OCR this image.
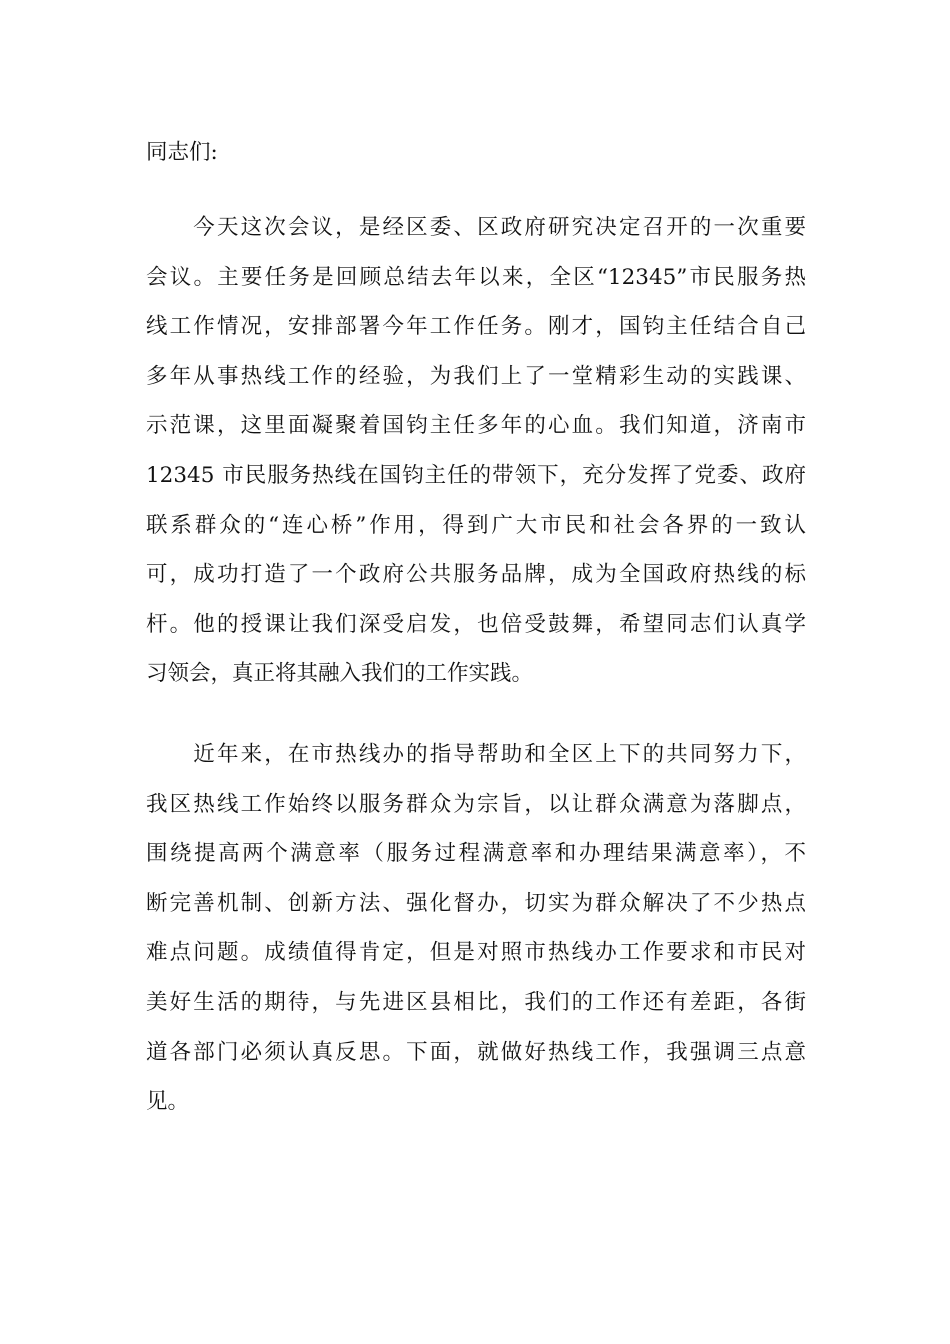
同志们:
　　今天这次会议，是经区委、区政府研究决定召开的一次重要
会议。主要任务是回顾总结去年以来，全区“12345”市民服务热
线工作情况，安排部署今年工作任务。刚才，国钧主任结合自己
多年从事热线工作的经验，为我们上了一堂精彩生动的实践课、
示范课，这里面凝聚着国钧主任多年的心血。我们知道，济南市
12345 市民服务热线在国钧主任的带领下，充分发挥了党委、政府
联系群众的“连心桥”作用，得到广大市民和社会各界的一致认
可，成功打造了一个政府公共服务品牌，成为全国政府热线的标
杆。他的授课让我们深受启发，也倍受鼓舞，希望同志们认真学
习领会，真正将其融入我们的工作实践。
　　近年来，在市热线办的指导帮助和全区上下的共同努力下，
我区热线工作始终以服务群众为宗旨，以让群众满意为落脚点，
围绕提高两个满意率（服务过程满意率和办理结果满意率），不
断完善机制、创新方法、强化督办，切实为群众解决了不少热点
难点问题。成绩值得肯定，但是对照市热线办工作要求和市民对
美好生活的期待，与先进区县相比，我们的工作还有差距，各街
道各部门必须认真反思。下面，就做好热线工作，我强调三点意
见。
